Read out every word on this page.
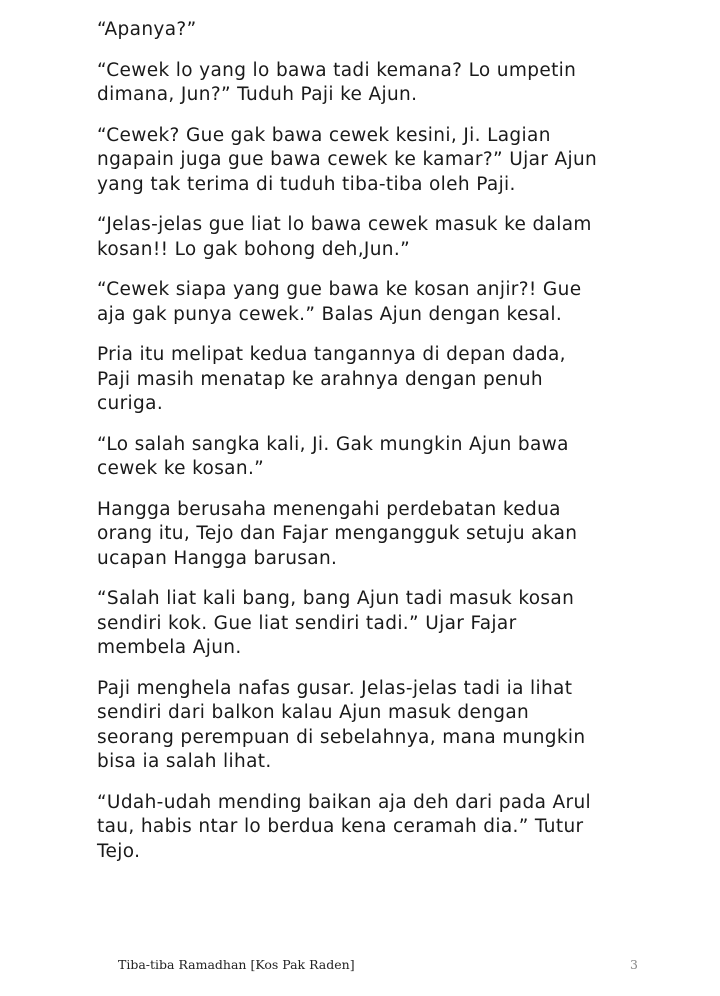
“Apanya?”

“Cewek lo yang lo bawa tadi kemana? Lo umpetin
dimana, Jun?” Tuduh Paji ke Ajun.

“Cewek? Gue gak bawa cewek kesini, Ji. Lagian
ngapain juga gue bawa cewek ke kamar?” Ujar Ajun
yang tak terima di tuduh tiba-tiba oleh Paji.

“Jelas-jelas gue liat lo bawa cewek masuk ke dalam
kosan!! Lo gak bohong deh,Jun.”

“Cewek siapa yang gue bawa ke kosan anjir?! Gue
aja gak punya cewek.” Balas Ajun dengan kesal.

Pria itu melipat kedua tangannya di depan dada,
Paji masih menatap ke arahnya dengan penuh
curiga.

“Lo salah sangka kali, Ji. Gak mungkin Ajun bawa
cewek ke kosan.”

Hangga berusaha menengahi perdebatan kedua
orang itu, Tejo dan Fajar mengangguk setuju akan
ucapan Hangga barusan.

“Salah liat kali bang, bang Ajun tadi masuk kosan
sendiri kok. Gue liat sendiri tadi.” Ujar Fajar
membela Ajun.

Paji menghela nafas gusar. Jelas-jelas tadi ia lihat
sendiri dari balkon kalau Ajun masuk dengan
seorang perempuan di sebelahnya, mana mungkin
bisa ia salah lihat.

“Udah-udah mending baikan aja deh dari pada Arul
tau, habis ntar lo berdua kena ceramah dia.” Tutur
Tejo.

Tiba-tiba Ramadhan [Kos Pak Raden]	3
